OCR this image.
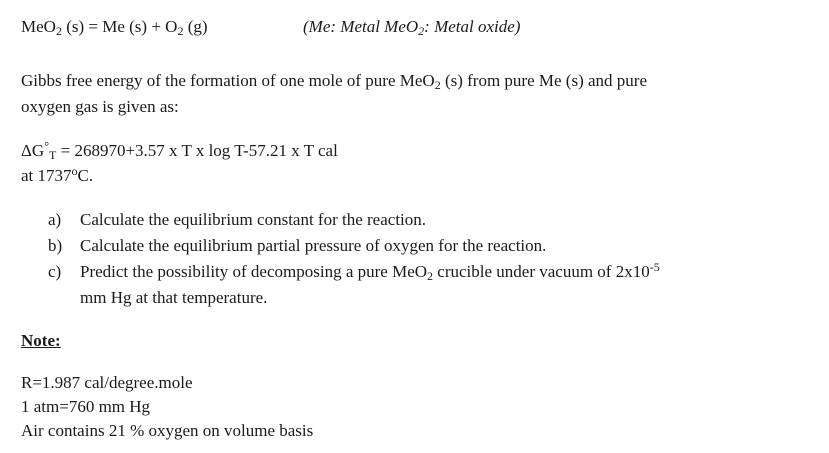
MeO$_2$ (s) = Me $(s) + O_2$ (g)	(Me: Metal MeO$_2$: Metal oxide)
Gibbs free energy of the formation of one mole of pure MeO$_2$ (s) from pure Me (s) and pure
oxygen gas is given as:
$\Delta G^\circ_T = 268970+3.57$ x T x log T-57.21 x T cal
at 1737$^o$C.
a) Calculate the equilibrium constant for the reaction.
b) Calculate the equilibrium partial pressure of oxygen for the reaction.
c) Predict the possibility of decomposing a pure MeO$_2$ crucible under vacuum of $2x10^{-5}$
mm Hg at that temperature.
Note:
R=1.987 cal/degree.mole
1 atm=760 mm Hg
Air contains 21 % oxygen on volume basis
